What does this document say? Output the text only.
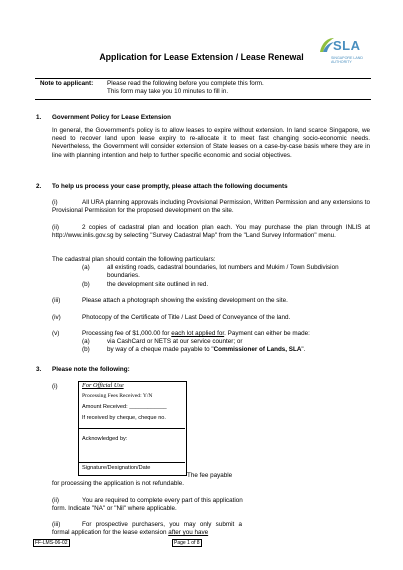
SLA
SINGAPORE LAND AUTHORITY
Application for Lease Extension / Lease Renewal
Note to applicant: Please read the following before you complete this form.
This form may take you 10 minutes to fill in.
1. Government Policy for Lease Extension
In general, the Government's policy is to allow leases to expire without extension. In land scarce Singapore, we need to recover land upon lease expiry to re-allocate it to meet fast changing socio-economic needs. Nevertheless, the Government will consider extension of State leases on a case-by-case basis where they are in line with planning intention and help to further specific economic and social objectives.
2. To help us process your case promptly, please attach the following documents
(i)	All URA planning approvals including Provisional Permission, Written Permission and any extensions to Provisional Permission for the proposed development on the site.
(ii)	2 copies of cadastral plan and location plan each. You may purchase the plan through INLIS at http://www.inlis.gov.sg by selecting "Survey Cadastral Map" from the "Land Survey Information" menu.
The cadastral plan should contain the following particulars:
(a)	all existing roads, cadastral boundaries, lot numbers and Mukim / Town Subdivision boundaries.
(b)	the development site outlined in red.
(iii)	Please attach a photograph showing the existing development on the site.
(iv)	Photocopy of the Certificate of Title / Last Deed of Conveyance of the land.
(v)	Processing fee of $1,000.00 for each lot applied for. Payment can either be made:
(a)	via CashCard or NETS at our service counter; or
(b)	by way of a cheque made payable to "Commissioner of Lands, SLA".
3. Please note the following:
(i)	For Official Use
Processing Fees Received: Y/N
Amount Received: ____________
If received by cheque, cheque no.
Acknowledged by:
Signature/Designation/Date
The fee payable
for processing the application is not refundable.
(ii)	You are required to complete every part of this application form. Indicate "NA" or "Nil" where applicable.
(iii)	For prospective purchasers, you may only submit a formal application for the lease extension after you have
FF-LMS-06-02	Page 1 of 8
